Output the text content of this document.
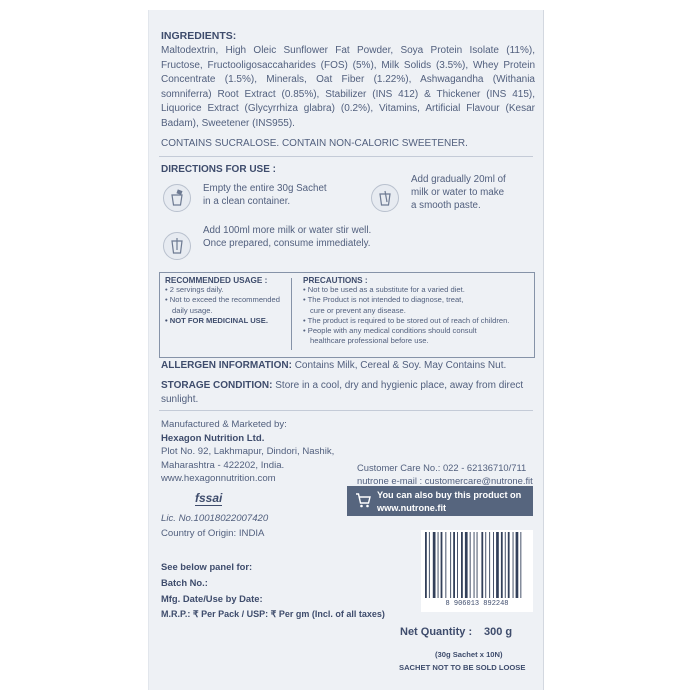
INGREDIENTS:
Maltodextrin, High Oleic Sunflower Fat Powder, Soya Protein Isolate (11%), Fructose, Fructooligosaccaharides (FOS) (5%), Milk Solids (3.5%), Whey Protein Concentrate (1.5%), Minerals, Oat Fiber (1.22%), Ashwagandha (Withania somniferra) Root Extract (0.85%), Stabilizer (INS 412) & Thickener (INS 415), Liquorice Extract (Glycyrrhiza glabra) (0.2%), Vitamins, Artificial Flavour (Kesar Badam), Sweetener (INS955).
CONTAINS SUCRALOSE. CONTAIN NON-CALORIC SWEETENER.
DIRECTIONS FOR USE :
Empty the entire 30g Sachet
in a clean container.
Add gradually 20ml of
milk or water to make
a smooth paste.
Add 100ml more milk or water stir well.
Once prepared, consume immediately.
RECOMMENDED USAGE :
• 2 servings daily.
• Not to exceed the recommended
daily usage.
• NOT FOR MEDICINAL USE.
PRECAUTIONS :
• Not to be used as a substitute for a varied diet.
• The Product is not intended to diagnose, treat,
cure or prevent any disease.
• The product is required to be stored out of reach of children.
• People with any medical conditions should consult
healthcare professional before use.
ALLERGEN INFORMATION: Contains Milk, Cereal & Soy. May Contains Nut.
STORAGE CONDITION: Store in a cool, dry and hygienic place, away from direct sunlight.
Manufactured & Marketed by:
Hexagon Nutrition Ltd.
Plot No. 92, Lakhmapur, Dindori, Nashik,
Maharashtra - 422202, India.
www.hexagonnutrition.com
fssai
Lic. No.10018022007420
Country of Origin: INDIA
Customer Care No.: 022 - 62136710/711
nutrone e-mail : customercare@nutrone.fit
You can also buy this product on
www.nutrone.fit
8 906013 892248
See below panel for:
Batch No.:
Mfg. Date/Use by Date:
M.R.P.: ₹ Per Pack / USP: ₹ Per gm (Incl. of all taxes)
Net Quantity : 300 g
(30g Sachet x 10N)
SACHET NOT TO BE SOLD LOOSE
